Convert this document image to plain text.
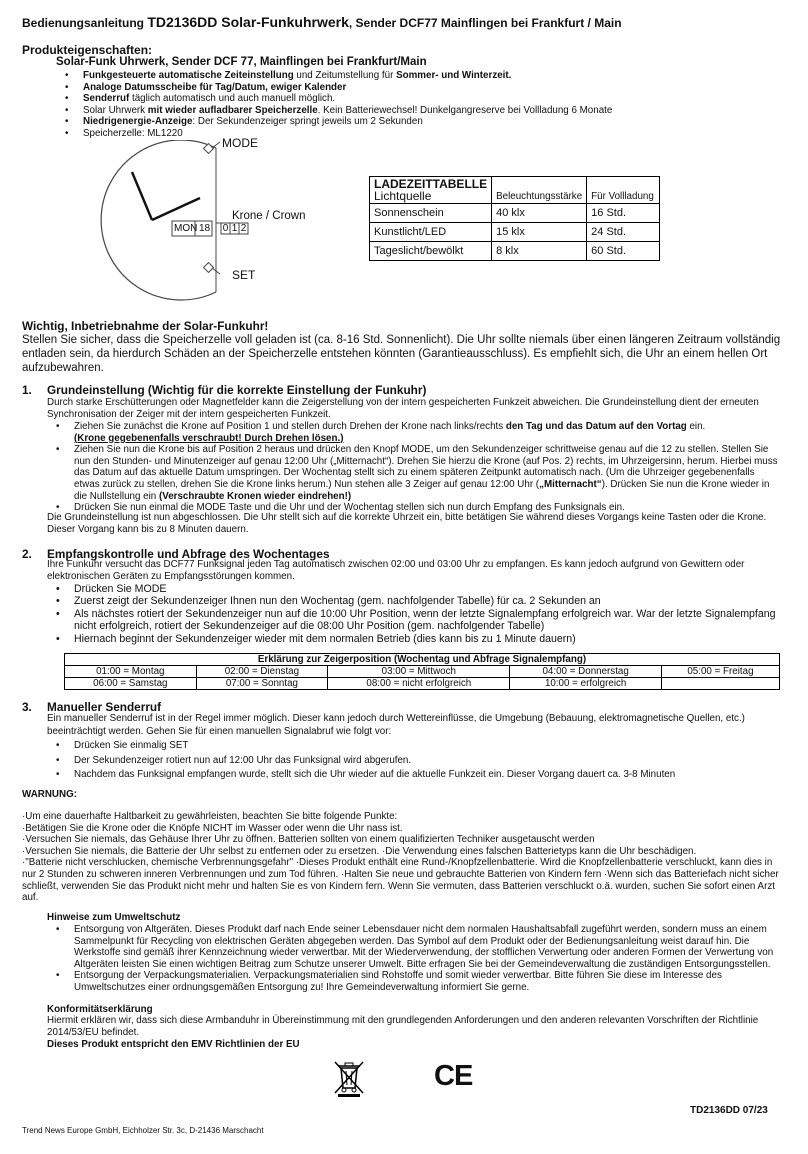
Bedienungsanleitung TD2136DD Solar-Funkuhrwerk, Sender DCF77 Mainflingen bei Frankfurt / Main
Produkteigenschaften:
Solar-Funk Uhrwerk, Sender DCF 77, Mainflingen bei Frankfurt/Main
• Funkgesteuerte automatische Zeiteinstellung und Zeitumstellung für Sommer- und Winterzeit.
• Analoge Datumsscheibe für Tag/Datum, ewiger Kalender
• Senderruf täglich automatisch und auch manuell möglich.
• Solar Uhrwerk mit wieder aufladbarer Speicherzelle. Kein Batteriewechsel! Dunkelgangreserve bei Vollladung 6 Monate
• Niedrigenergie-Anzeige: Der Sekundenzeiger springt jeweils um 2 Sekunden
• Speicherzelle: ML1220
MODE
Krone / Crown
SET
MON 18 0 1 2
LADEZEITTABELLE
Lichtquelle	Beleuchtungsstärke	Für Vollladung
Sonnenschein	40 klx	16 Std.
Kunstlicht/LED	15 klx	24 Std.
Tageslicht/bewölkt	8 klx	60 Std.
Wichtig, Inbetriebnahme der Solar-Funkuhr!
Stellen Sie sicher, dass die Speicherzelle voll geladen ist (ca. 8-16 Std. Sonnenlicht). Die Uhr sollte niemals über einen längeren Zeitraum vollständig entladen sein, da hierdurch Schäden an der Speicherzelle entstehen könnten (Garantieausschluss). Es empfiehlt sich, die Uhr an einem hellen Ort aufzubewahren.
1. Grundeinstellung (Wichtig für die korrekte Einstellung der Funkuhr)
Durch starke Erschütterungen oder Magnetfelder kann die Zeigerstellung von der intern gespeicherten Funkzeit abweichen. Die Grundeinstellung dient der erneuten Synchronisation der Zeiger mit der intern gespeicherten Funkzeit.
• Ziehen Sie zunächst die Krone auf Position 1 und stellen durch Drehen der Krone nach links/rechts den Tag und das Datum auf den Vortag ein.
(Krone gegebenenfalls verschraubt! Durch Drehen lösen.)
• Ziehen Sie nun die Krone bis auf Position 2 heraus und drücken den Knopf MODE, um den Sekundenzeiger schrittweise genau auf die 12 zu stellen. Stellen Sie nun den Stunden- und Minutenzeiger auf genau 12:00 Uhr („Mitternacht“). Drehen Sie hierzu die Krone (auf Pos. 2) rechts, im Uhrzeigersinn, herum. Hierbei muss das Datum auf das aktuelle Datum umspringen. Der Wochentag stellt sich zu einem späteren Zeitpunkt automatisch nach. (Um die Uhrzeiger gegebenenfalls etwas zurück zu stellen, drehen Sie die Krone links herum.) Nun stehen alle 3 Zeiger auf genau 12:00 Uhr („Mitternacht“). Drücken Sie nun die Krone wieder in die Nullstellung ein (Verschraubte Kronen wieder eindrehen!)
• Drücken Sie nun einmal die MODE Taste und die Uhr und der Wochentag stellen sich nun durch Empfang des Funksignals ein.
Die Grundeinstellung ist nun abgeschlossen. Die Uhr stellt sich auf die korrekte Uhrzeit ein, bitte betätigen Sie während dieses Vorgangs keine Tasten oder die Krone. Dieser Vorgang kann bis zu 8 Minuten dauern.
2. Empfangskontrolle und Abfrage des Wochentages
Ihre Funkuhr versucht das DCF77 Funksignal jeden Tag automatisch zwischen 02:00 und 03:00 Uhr zu empfangen. Es kann jedoch aufgrund von Gewittern oder elektronischen Geräten zu Empfangsstörungen kommen.
• Drücken Sie MODE
• Zuerst zeigt der Sekundenzeiger Ihnen nun den Wochentag (gem. nachfolgender Tabelle) für ca. 2 Sekunden an
• Als nächstes rotiert der Sekundenzeiger nun auf die 10:00 Uhr Position, wenn der letzte Signalempfang erfolgreich war. War der letzte Signalempfang nicht erfolgreich, rotiert der Sekundenzeiger auf die 08:00 Uhr Position (gem. nachfolgender Tabelle)
• Hiernach beginnt der Sekundenzeiger wieder mit dem normalen Betrieb (dies kann bis zu 1 Minute dauern)
Erklärung zur Zeigerposition (Wochentag und Abfrage Signalempfang)				
01:00 = Montag	02:00 = Dienstag	03:00 = Mittwoch	04:00 = Donnerstag	05:00 = Freitag
06:00 = Samstag	07:00 = Sonntag	08:00 = nicht erfolgreich	10:00 = erfolgreich	
3. Manueller Senderruf
Ein manueller Senderruf ist in der Regel immer möglich. Dieser kann jedoch durch Wettereinflüsse, die Umgebung (Bebauung, elektromagnetische Quellen, etc.) beeinträchtigt werden. Gehen Sie für einen manuellen Signalabruf wie folgt vor:
• Drücken Sie einmalig SET
• Der Sekundenzeiger rotiert nun auf 12:00 Uhr das Funksignal wird abgerufen.
• Nachdem das Funksignal empfangen wurde, stellt sich die Uhr wieder auf die aktuelle Funkzeit ein. Dieser Vorgang dauert ca. 3-8 Minuten
WARNUNG:
·Um eine dauerhafte Haltbarkeit zu gewährleisten, beachten Sie bitte folgende Punkte:
·Betätigen Sie die Krone oder die Knöpfe NICHT im Wasser oder wenn die Uhr nass ist.
·Versuchen Sie niemals, das Gehäuse Ihrer Uhr zu öffnen. Batterien sollten von einem qualifizierten Techniker ausgetauscht werden
·Versuchen Sie niemals, die Batterie der Uhr selbst zu entfernen oder zu ersetzen. ·Die Verwendung eines falschen Batterietyps kann die Uhr beschädigen.
·"Batterie nicht verschlucken, chemische Verbrennungsgefahr" ·Dieses Produkt enthält eine Rund-/Knopfzellenbatterie. Wird die Knopfzellenbatterie verschluckt, kann dies in nur 2 Stunden zu schweren inneren Verbrennungen und zum Tod führen. ·Halten Sie neue und gebrauchte Batterien von Kindern fern ·Wenn sich das Batteriefach nicht sicher schließt, verwenden Sie das Produkt nicht mehr und halten Sie es von Kindern fern. Wenn Sie vermuten, dass Batterien verschluckt o.ä. wurden, suchen Sie sofort einen Arzt auf.
Hinweise zum Umweltschutz
• Entsorgung von Altgeräten. Dieses Produkt darf nach Ende seiner Lebensdauer nicht dem normalen Haushaltsabfall zugeführt werden, sondern muss an einem Sammelpunkt für Recycling von elektrischen Geräten abgegeben werden. Das Symbol auf dem Produkt oder der Bedienungsanleitung weist darauf hin. Die Werkstoffe sind gemäß ihrer Kennzeichnung wieder verwertbar. Mit der Wiederverwendung, der stofflichen Verwertung oder anderen Formen der Verwertung von Altgeräten leisten Sie einen wichtigen Beitrag zum Schutze unserer Umwelt. Bitte erfragen Sie bei der Gemeindeverwaltung die zuständigen Entsorgungsstellen.
• Entsorgung der Verpackungsmaterialien. Verpackungsmaterialien sind Rohstoffe und somit wieder verwertbar. Bitte führen Sie diese im Interesse des Umweltschutzes einer ordnungsgemäßen Entsorgung zu! Ihre Gemeindeverwaltung informiert Sie gerne.
Konformitätserklärung
Hiermit erklären wir, dass sich diese Armbanduhr in Übereinstimmung mit den grundlegenden Anforderungen und den anderen relevanten Vorschriften der Richtlinie 2014/53/EU befindet.
Dieses Produkt entspricht den EMV Richtlinien der EU
CE
TD2136DD 07/23
Trend News Europe GmbH, Eichholzer Str. 3c, D-21436 Marschacht
